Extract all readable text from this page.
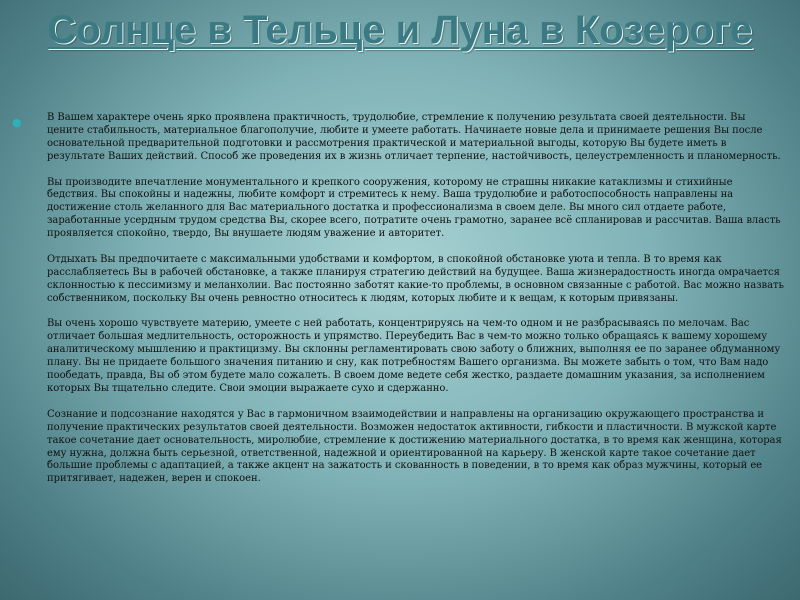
Солнце в Тельце и Луна в Козероге
●	В Вашем характере очень ярко проявлена практичность, трудолюбие, стремление к получению результата своей деятельности. Вы цените стабильность, материальное благополучие, любите и умеете работать. Начинаете новые дела и принимаете решения Вы после основательной предварительной подготовки и рассмотрения практической и материальной выгоды, которую Вы будете иметь в результате Ваших действий. Способ же проведения их в жизнь отличает терпение, настойчивость, целеустремленность и планомерность.

Вы производите впечатление монументального и крепкого сооружения, которому не страшны никакие катаклизмы и стихийные бедствия. Вы спокойны и надежны, любите комфорт и стремитесь к нему. Ваша трудолюбие и работоспособность направлены на достижение столь желанного для Вас материального достатка и профессионализма в своем деле. Вы много сил отдаете работе, заработанные усердным трудом средства Вы, скорее всего, потратите очень грамотно, заранее всё спланировав и рассчитав. Ваша власть проявляется спокойно, твердо, Вы внушаете людям уважение и авторитет.

Отдыхать Вы предпочитаете с максимальными удобствами и комфортом, в спокойной обстановке уюта и тепла. В то время как расслабляетесь Вы в рабочей обстановке, а также планируя стратегию действий на будущее. Ваша жизнерадостность иногда омрачается склонностью к пессимизму и меланхолии. Вас постоянно заботят какие-то проблемы, в основном связанные с работой. Вас можно назвать собственником, поскольку Вы очень ревностно относитесь к людям, которых любите и к вещам, к которым привязаны.

Вы очень хорошо чувствуете материю, умеете с ней работать, концентрируясь на чем-то одном и не разбрасываясь по мелочам. Вас отличает большая медлительность, осторожность и упрямство. Переубедить Вас в чем-то можно только обращаясь к вашему хорошему аналитическому мышлению и практицизму. Вы склонны регламентировать свою заботу о ближних, выполняя ее по заранее обдуманному плану. Вы не придаете большого значения питанию и сну, как потребностям Вашего организма. Вы можете забыть о том, что Вам надо пообедать, правда, Вы об этом будете мало сожалеть. В своем доме ведете себя жестко, раздаете домашним указания, за исполнением которых Вы тщательно следите. Свои эмоции выражаете сухо и сдержанно.

Сознание и подсознание находятся у Вас в гармоничном взаимодействии и направлены на организацию окружающего пространства и получение практических результатов своей деятельности. Возможен недостаток активности, гибкости и пластичности. В мужской карте такое сочетание дает основательность, миролюбие, стремление к достижению материального достатка, в то время как женщина, которая ему нужна, должна быть серьезной, ответственной, надежной и ориентированной на карьеру. В женской карте такое сочетание дает большие проблемы с адаптацией, а также акцент на зажатость и скованность в поведении, в то время как образ мужчины, который ее притягивает, надежен, верен и спокоен.
